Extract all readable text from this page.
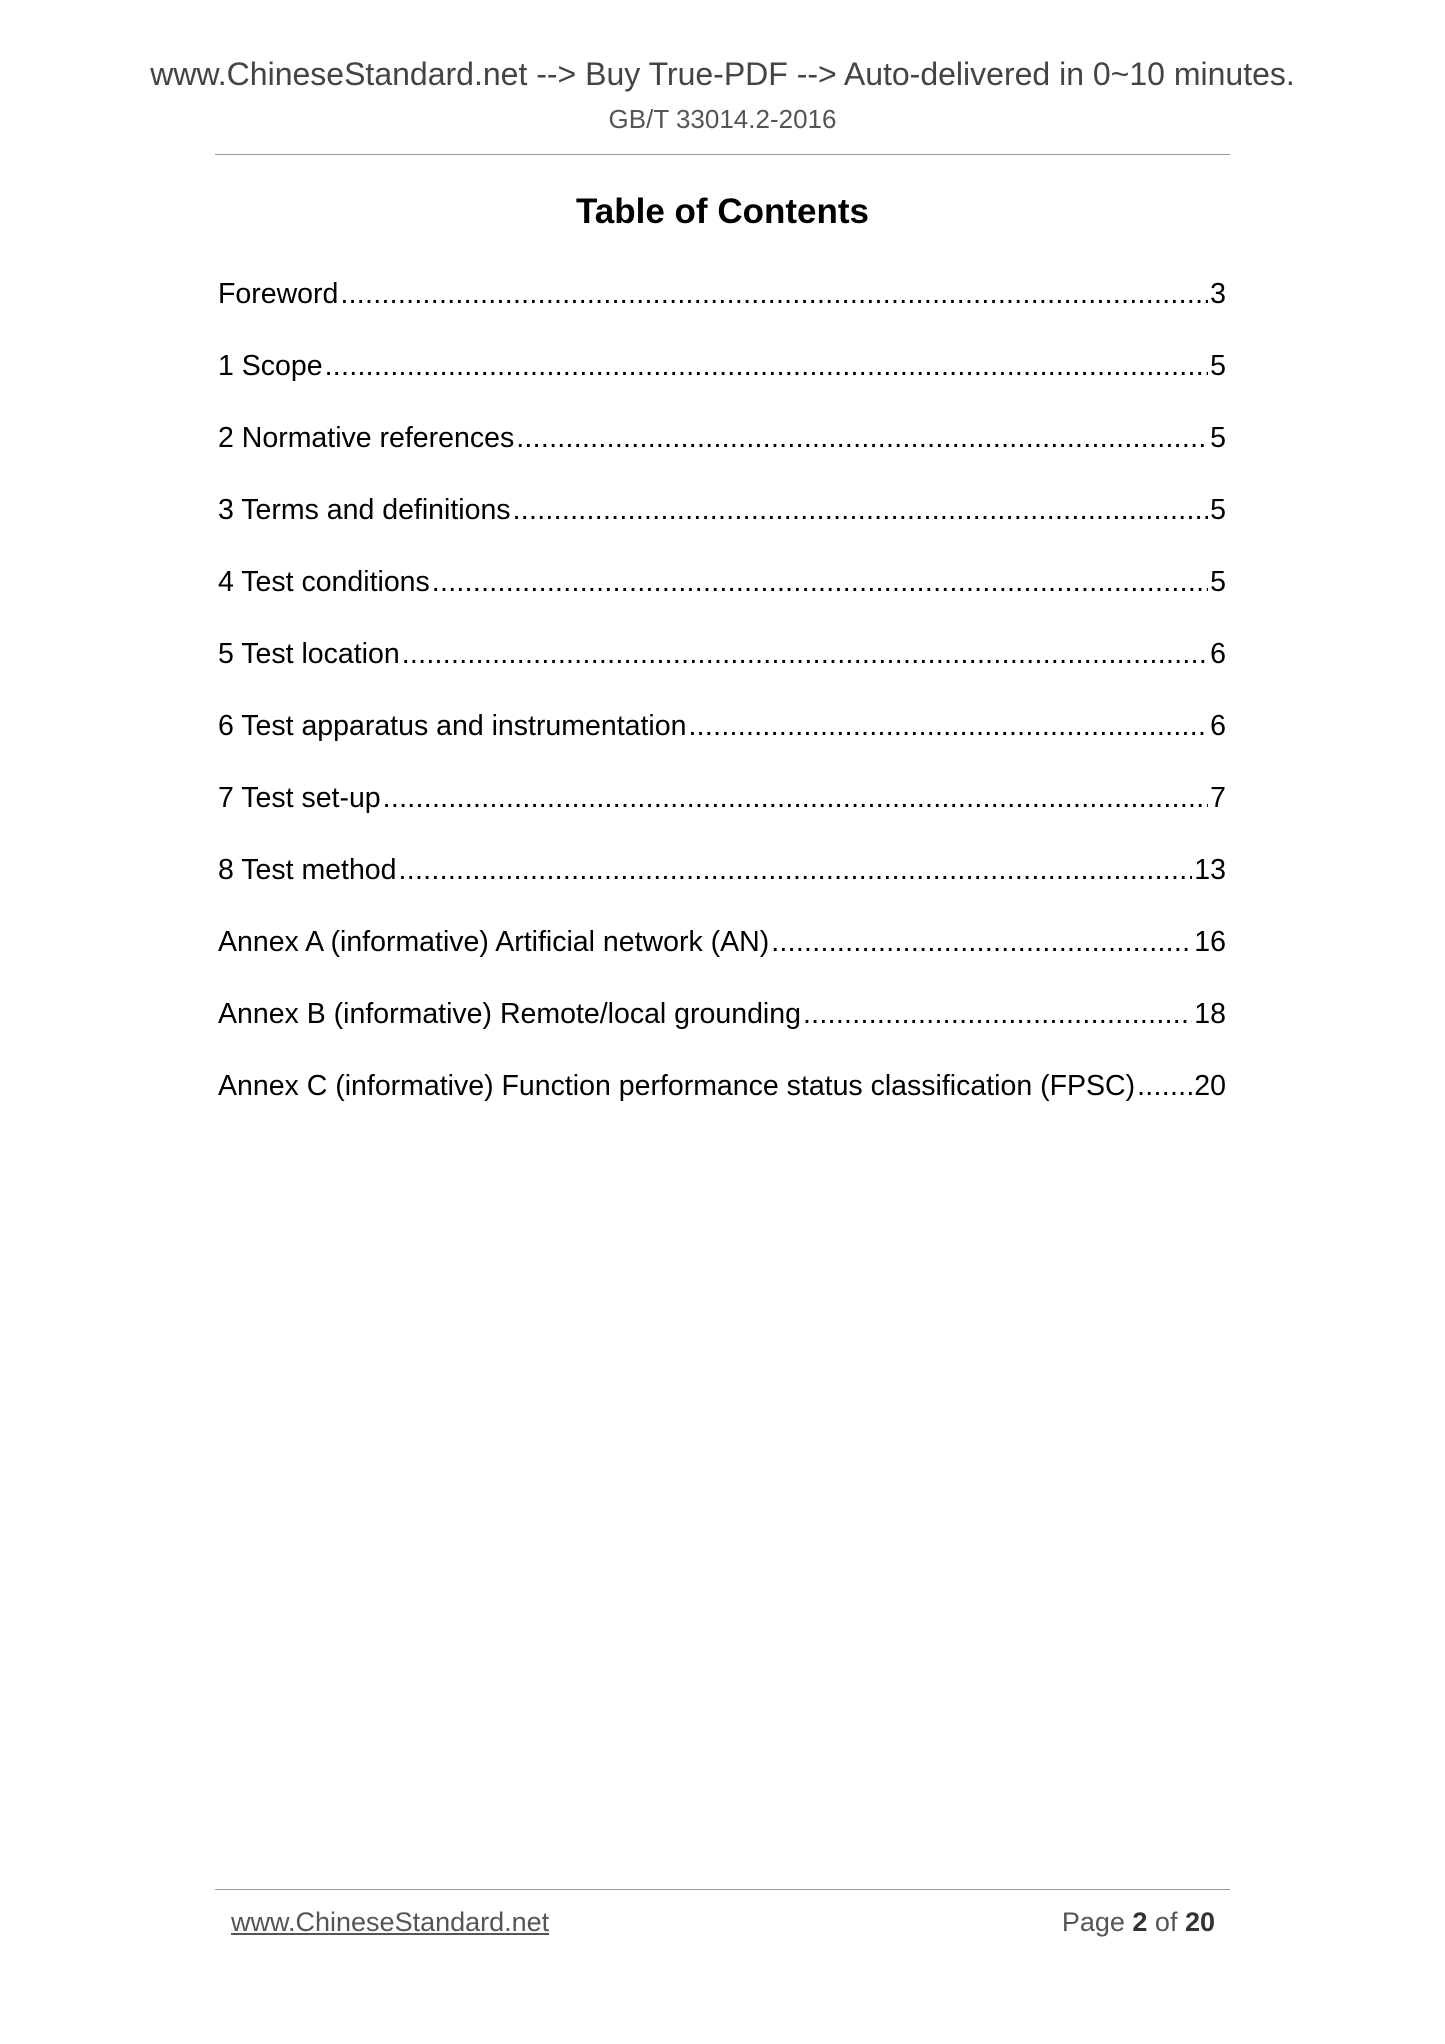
www.ChineseStandard.net --> Buy True-PDF --> Auto-delivered in 0~10 minutes.
GB/T 33014.2-2016
Table of Contents
Foreword .....	3
1 Scope .....	5
2 Normative references .....	5
3 Terms and definitions .....	5
4 Test conditions .....	5
5 Test location .....	6
6 Test apparatus and instrumentation .....	6
7 Test set-up .....	7
8 Test method .....	13
Annex A (informative) Artificial network (AN) .....	16
Annex B (informative) Remote/local grounding .....	18
Annex C (informative) Function performance status classification (FPSC) ..... 20
www.ChineseStandard.net	Page 2 of 20
